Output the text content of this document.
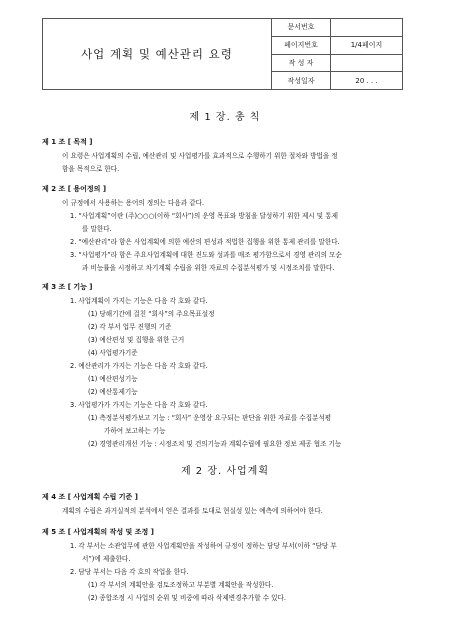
사업 계획 및 예산관리 요령
문서번호
페이지번호	1/4페이지
작 성 자
작성일자	20 . . .
제 1 장. 총 칙
제 1 조 [ 목적 ]
이 요령은 사업계획의 수립, 예산관리 및 사업평가를 효과적으로 수행하기 위한 절차와 방법을 정
함을 목적으로 한다.
제 2 조 [ 용어정의 ]
이 규정에서 사용하는 용어의 정의는 다음과 같다.
1. “사업계획”이란 (주)○○○(이하 “회사”)의 운영 목표와 방침을 달성하기 위한 제시 및 통제
를 말한다.
2. “예산관리”라 함은 사업계획에 의한 예산의 편성과 적법한 집행을 위한 통제 관리를 말한다.
3. “사업평가”라 함은 주요사업계획에 대한 진도와 성과를 매조 평가함으로서 경영 관리의 모순
과 비능률을 시정하고 차기계획 수립을 위한 자료의 수집분석평가 및 시정조치를 말한다.
제 3 조 [ 기능 ]
1. 사업계획이 가지는 기능은 다음 각 호와 같다.
(1) 당해기간에 걸친 “회사”의 주요목표설정
(2) 각 부서 업무 진행의 기준
(3) 예산편성 및 집행을 위한 근거
(4) 사업평가기준
2. 예산관리가 가지는 기능은 다음 각 호와 같다.
(1) 예산편성기능
(2) 예산통제기능
3. 사업평가가 가지는 기능은 다음 각 호와 같다.
(1) 측정분석평가보고 기능 : “회사” 운영상 요구되는 판단을 위한 자료를 수집분석평
가하여 보고하는 기능
(2) 경영관리개선 기능 : 시정조치 및 건의기능과 계획수립에 필요한 정보 제공 협조 기능
제 2 장. 사업계획
제 4 조 [ 사업계획 수립 기준 ]
계획의 수립은 과거실적의 분석에서 얻은 결과를 토대로 현실성 있는 예측에 의하여야 한다.
제 5 조 [ 사업계획의 작성 및 조정 ]
1. 각 부서는 소관업무에 관한 사업계획안을 작성하여 규정이 정하는 담당 부서(이하 “담당 부
서”)에 제출한다.
2. 담당 부서는 다음 각 호의 작업을 한다.
(1) 각 부서의 계획안을 검토조정하고 부분별 계획안을 작성한다.
(2) 종합조정 시 사업의 순위 및 비중에 따라 삭제변경추가할 수 있다.
